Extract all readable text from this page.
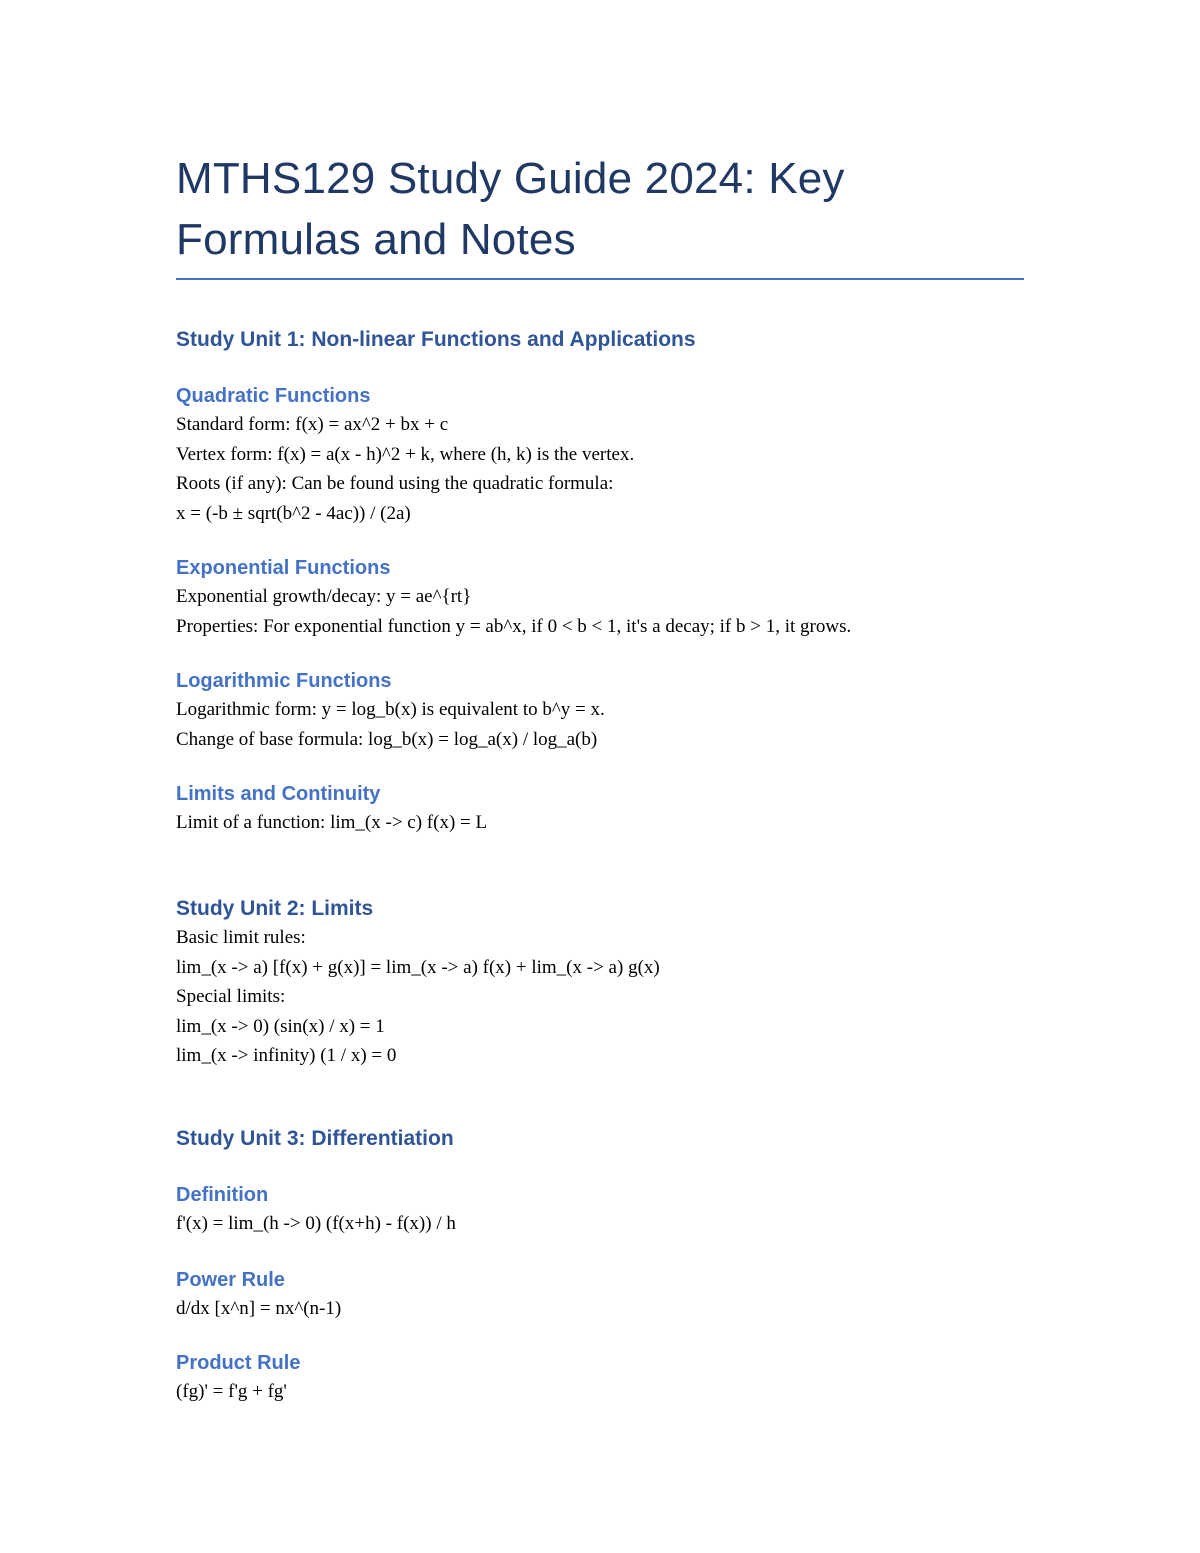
MTHS129 Study Guide 2024: Key
Formulas and Notes
Study Unit 1: Non-linear Functions and Applications
Quadratic Functions

Standard form: f(x) = ax^2 + bx + c

Vertex form: f(x) = a(x - h)^2 + k, where (h, k) is the vertex.

Roots (if any): Can be found using the quadratic formula:

x = (-b ± sqrt(b^2 - 4ac)) / (2a)

Exponential Functions

Exponential growth/decay: y = ae^{rt}

Properties: For exponential function y = ab^x, if 0 < b < 1, it's a decay; if b > 1, it grows.

Logarithmic Functions

Logarithmic form: y = log_b(x) is equivalent to b^y = x.

Change of base formula: log_b(x) = log_a(x) / log_a(b)

Limits and Continuity

Limit of a function: lim_(x -> c) f(x) = L

Study Unit 2: Limits

Basic limit rules:

lim_(x -> a) [f(x) + g(x)] = lim_(x -> a) f(x) + lim_(x -> a) g(x)

Special limits:

lim_(x -> 0) (sin(x) / x) = 1

lim_(x -> infinity) (1 / x) = 0

Study Unit 3: Differentiation
Definition

f'(x) = lim_(h -> 0) (f(x+h) - f(x)) / h

Power Rule

d/dx [x^n] = nx^(n-1)

Product Rule

(fg)' = f'g + fg'
